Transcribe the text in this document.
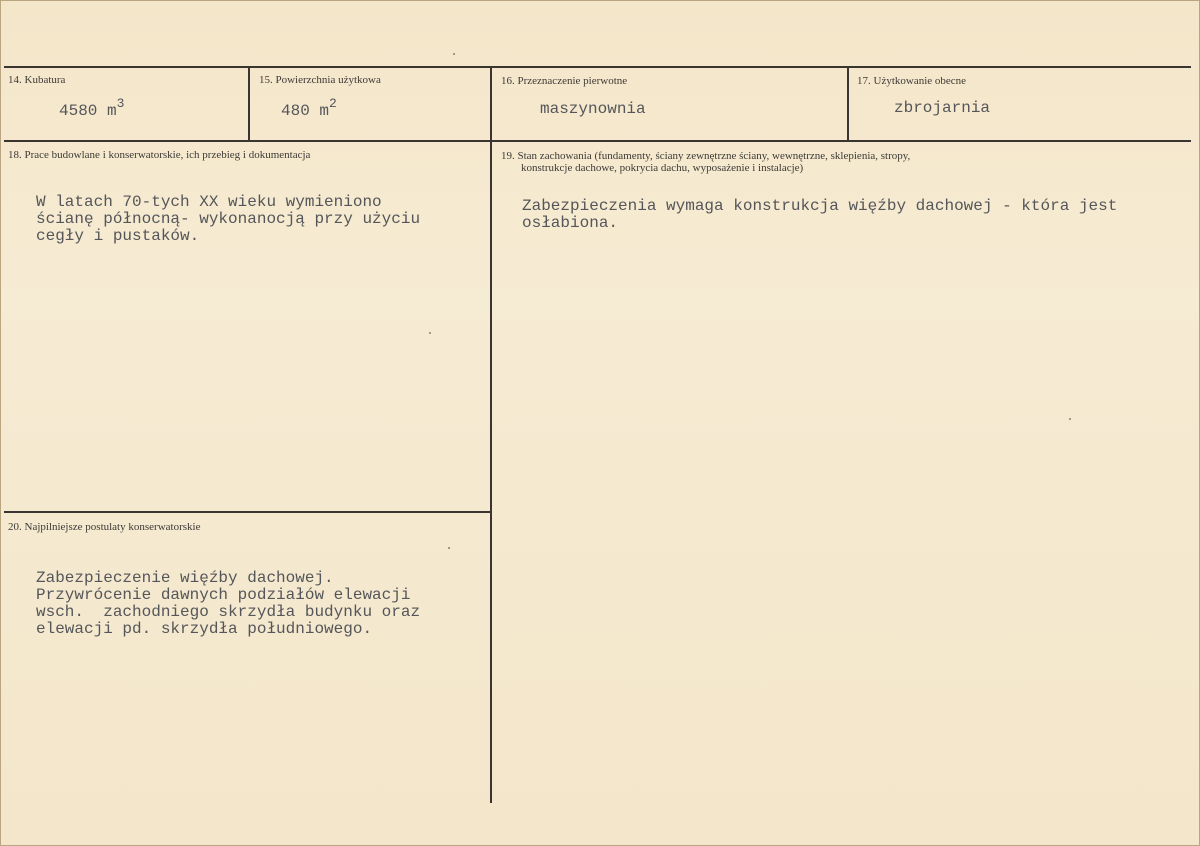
14. Kubatura
4580 $m^3$
15. Powierzchnia użytkowa
480 $m^2$
16. Przeznaczenie pierwotne
maszynownia
17. Użytkowanie obecne
zbrojarnia
18. Prace budowlane i konserwatorskie, ich przebieg i dokumentacja
W latach 70-tych XX wieku wymieniono
ścianę północną- wykonanocją przy użyciu
cegły i pustaków.
19. Stan zachowania (fundamenty, ściany zewnętrzne ściany, wewnętrzne, sklepienia, stropy,
konstrukcje dachowe, pokrycia dachu, wyposażenie i instalacje)
Zabezpieczenia wymaga konstrukcja więźby dachowej - która jest
osłabiona.
20. Najpilniejsze postulaty konserwatorskie
Zabezpieczenie więźby dachowej.
Przywrócenie dawnych podziałów elewacji
wsch.  zachodniego skrzydła budynku oraz
elewacji pd. skrzydła południowego.
